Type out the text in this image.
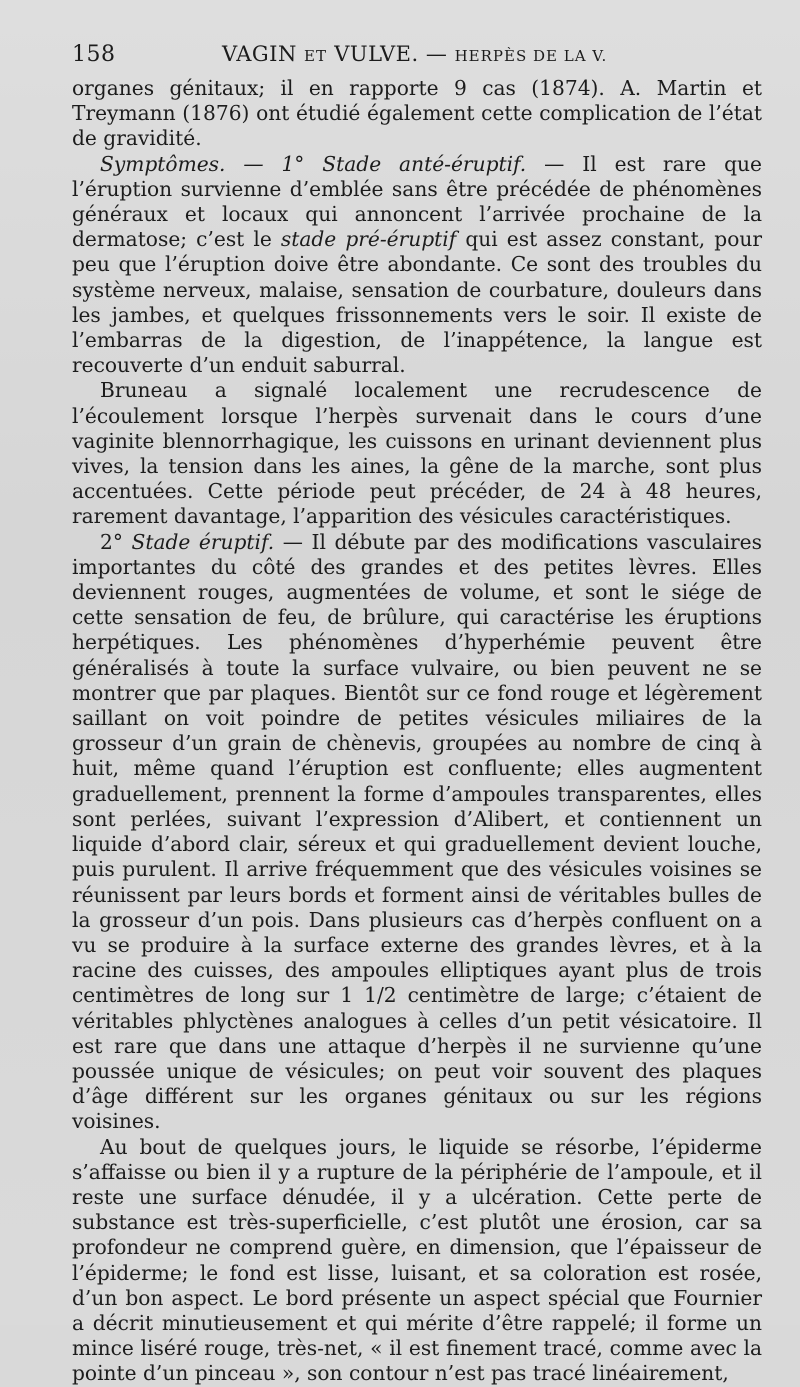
158	VAGIN ET VULVE. — HERPÈS DE LA V.

organes génitaux; il en rapporte 9 cas (1874). A. Martin et Treymann (1876) ont étudié également cette complication de l’état de gravidité.

Symptômes. — 1° Stade anté-éruptif. — Il est rare que l’éruption survienne d’emblée sans être précédée de phénomènes généraux et locaux qui annoncent l’arrivée prochaine de la dermatose; c’est le stade pré-éruptif qui est assez constant, pour peu que l’éruption doive être abondante. Ce sont des troubles du système nerveux, malaise, sensation de courbature, douleurs dans les jambes, et quelques frissonnements vers le soir. Il existe de l’embarras de la digestion, de l’inappétence, la langue est recouverte d’un enduit saburral.

Bruneau a signalé localement une recrudescence de l’écoulement lorsque l’herpès survenait dans le cours d’une vaginite blennorrhagique, les cuissons en urinant deviennent plus vives, la tension dans les aines, la gêne de la marche, sont plus accentuées. Cette période peut précéder, de 24 à 48 heures, rarement davantage, l’apparition des vésicules caractéristiques.

2° Stade éruptif. — Il débute par des modifications vasculaires importantes du côté des grandes et des petites lèvres. Elles deviennent rouges, augmentées de volume, et sont le siége de cette sensation de feu, de brûlure, qui caractérise les éruptions herpétiques. Les phénomènes d’hyperhémie peuvent être généralisés à toute la surface vulvaire, ou bien peuvent ne se montrer que par plaques. Bientôt sur ce fond rouge et légèrement saillant on voit poindre de petites vésicules miliaires de la grosseur d’un grain de chènevis, groupées au nombre de cinq à huit, même quand l’éruption est confluente; elles augmentent graduellement, prennent la forme d’ampoules transparentes, elles sont perlées, suivant l’expression d’Alibert, et contiennent un liquide d’abord clair, séreux et qui graduellement devient louche, puis purulent. Il arrive fréquemment que des vésicules voisines se réunissent par leurs bords et forment ainsi de véritables bulles de la grosseur d’un pois. Dans plusieurs cas d’herpès confluent on a vu se produire à la surface externe des grandes lèvres, et à la racine des cuisses, des ampoules elliptiques ayant plus de trois centimètres de long sur 1 1/2 centimètre de large; c’étaient de véritables phlyctènes analogues à celles d’un petit vésicatoire. Il est rare que dans une attaque d’herpès il ne survienne qu’une poussée unique de vésicules; on peut voir souvent des plaques d’âge différent sur les organes génitaux ou sur les régions voisines.

Au bout de quelques jours, le liquide se résorbe, l’épiderme s’affaisse ou bien il y a rupture de la périphérie de l’ampoule, et il reste une surface dénudée, il y a ulcération. Cette perte de substance est très-superficielle, c’est plutôt une érosion, car sa profondeur ne comprend guère, en dimension, que l’épaisseur de l’épiderme; le fond est lisse, luisant, et sa coloration est rosée, d’un bon aspect. Le bord présente un aspect spécial que Fournier a décrit minutieusement et qui mérite d’être rappelé; il forme un mince liséré rouge, très-net, « il est finement tracé, comme avec la pointe d’un pinceau », son contour n’est pas tracé linéairement,
